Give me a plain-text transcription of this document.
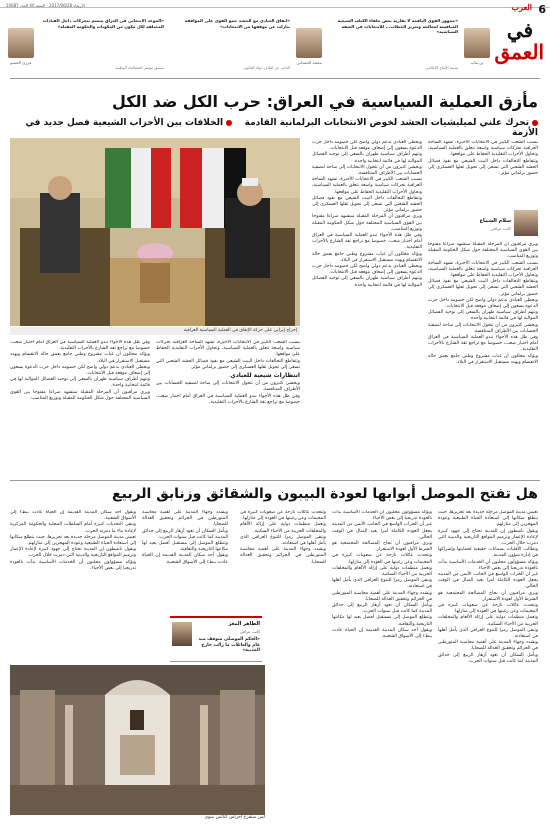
6
العرب
الأربعاء 2017/06/28 - السنة 40 العدد 10687
في
العمق
«جمهور القوى الناقمة لا تقاربه بعض حلفاء الكتلة، الشيعية المنافسة لمعالجة وتعزيز الخطاب... للانتخابات في الضفة السياسية»
بن نتاب
مدينة الإنتاج الإعلامي
«اتفاق العبادي مع الحشد جمع القوى على الموافقة تنازلت عن موقفها من الانتخابات»
محمد الحمداني
النائب عن ائتلاف دولة القانون
«الموعد الانتخابي في العراق متسم بتحركات داخل القيادات المختلفة لكل مكون من المكونات والحكومة المقبلة»
عرزى الحسو
منسق مؤتمر المصالحة الوطنية
مأزق العملية السياسية في العراق: حرب الكل ضد الكل
تحرك علني لميليشيات الحشد لخوض الانتخابات البرلمانية القادمة    الخلافات بين الأحزاب الشيعية فصل جديد في الأزمة
إحراج إيراني على حركة الإتفاق في العملية السياسية العراقية
سلام الشماع
كاتب عراقي
بسبب الشعب الكبير في الانتخابات الأخيرة، تشهد الساحة العراقية تحركات سياسية واسعة تتعلق بالعملية السياسية، وتحاول الأحزاب التقليدية الحفاظ على مواقعها.
وتتقاطع التحالفات داخل البيت الشيعي مع نفوذ فصائل الحشد الشعبي التي تسعى إلى تحويل ثقلها العسكري إلى حضور برلماني مؤثر.
ويرى مراقبون أن المرحلة المقبلة ستشهد صراعا مفتوحا بين القوى السياسية المختلفة حول شكل الحكومة المقبلة وتوزيع المناصب.
بسبب الشعب الكبير في الانتخابات الأخيرة، تشهد الساحة العراقية تحركات سياسية واسعة تتعلق بالعملية السياسية، وتحاول الأحزاب التقليدية الحفاظ على مواقعها.
وتتقاطع التحالفات داخل البيت الشيعي مع نفوذ فصائل الحشد الشعبي التي تسعى إلى تحويل ثقلها العسكري إلى حضور برلماني مؤثر.
ويحظى العبادي بدعم دولي واضح لكن خصومه داخل حزب الدعوة يسعون إلى إضعاف موقعه قبل الانتخابات.
وتتهم أطراف سياسية طهران بالسعي إلى توحيد الفصائل الموالية لها في قائمة انتخابية واحدة.
ويخشى كثيرون من أن تتحول الانتخابات إلى ساحة لتصفية الحسابات بين الأطراف المتنافسة.
وفي ظل هذه الأجواء تبدو العملية السياسية في العراق أمام اختبار صعب، خصوصا مع تراجع ثقة الشارع بالأحزاب التقليدية.
ويؤكد محللون أن غياب مشروع وطني جامع يعمق حالة الانقسام ويهدد مستقبل الاستقرار في البلاد.
ويحظى العبادي بدعم دولي واضح لكن خصومه داخل حزب الدعوة يسعون إلى إضعاف موقعه قبل الانتخابات.
وتتهم أطراف سياسية طهران بالسعي إلى توحيد الفصائل الموالية لها في قائمة انتخابية واحدة.
ويخشى كثيرون من أن تتحول الانتخابات إلى ساحة لتصفية الحسابات بين الأطراف المتنافسة.
بسبب الشعب الكبير في الانتخابات الأخيرة، تشهد الساحة العراقية تحركات سياسية واسعة تتعلق بالعملية السياسية، وتحاول الأحزاب التقليدية الحفاظ على مواقعها.
وتتقاطع التحالفات داخل البيت الشيعي مع نفوذ فصائل الحشد الشعبي التي تسعى إلى تحويل ثقلها العسكري إلى حضور برلماني مؤثر.
ويرى مراقبون أن المرحلة المقبلة ستشهد صراعا مفتوحا بين القوى السياسية المختلفة حول شكل الحكومة المقبلة وتوزيع المناصب.
وفي ظل هذه الأجواء تبدو العملية السياسية في العراق أمام اختبار صعب، خصوصا مع تراجع ثقة الشارع بالأحزاب التقليدية.
ويؤكد محللون أن غياب مشروع وطني جامع يعمق حالة الانقسام ويهدد مستقبل الاستقرار في البلاد.
ويحظى العبادي بدعم دولي واضح لكن خصومه داخل حزب الدعوة يسعون إلى إضعاف موقعه قبل الانتخابات.
وتتهم أطراف سياسية طهران بالسعي إلى توحيد الفصائل الموالية لها في قائمة انتخابية واحدة.
وفي ظل هذه الأجواء تبدو العملية السياسية في العراق أمام اختبار صعب، خصوصا مع تراجع ثقة الشارع بالأحزاب التقليدية.
ويؤكد محللون أن غياب مشروع وطني جامع يعمق حالة الانقسام ويهدد مستقبل الاستقرار في البلاد.
ويحظى العبادي بدعم دولي واضح لكن خصومه داخل حزب الدعوة يسعون إلى إضعاف موقعه قبل الانتخابات.
وتتهم أطراف سياسية طهران بالسعي إلى توحيد الفصائل الموالية لها في قائمة انتخابية واحدة.
ويرى مراقبون أن المرحلة المقبلة ستشهد صراعا مفتوحا بين القوى السياسية المختلفة حول شكل الحكومة المقبلة وتوزيع المناصب.
بسبب الشعب الكبير في الانتخابات الأخيرة، تشهد الساحة العراقية تحركات سياسية واسعة تتعلق بالعملية السياسية، وتحاول الأحزاب التقليدية الحفاظ على مواقعها.
وتتقاطع التحالفات داخل البيت الشيعي مع نفوذ فصائل الحشد الشعبي التي تسعى إلى تحويل ثقلها العسكري إلى حضور برلماني مؤثر.
انتظارات شيعية للعبادي
ويخشى كثيرون من أن تتحول الانتخابات إلى ساحة لتصفية الحسابات بين الأطراف المتنافسة.
وفي ظل هذه الأجواء تبدو العملية السياسية في العراق أمام اختبار صعب، خصوصا مع تراجع ثقة الشارع بالأحزاب التقليدية.
هل تفتح الموصل أبوابها لعودة البيبون والشقائق وزنابق الربيع
تعيش مدينة الموصل مرحلة جديدة بعد تحريرها، حيث يتطلع سكانها إلى استعادة الحياة الطبيعية وعودة المهجرين إلى منازلهم.
ويقول ناشطون إن المدينة تحتاج إلى جهود كبيرة لإعادة الإعمار وترميم المواقع التاريخية والدينية التي دمرت خلال الحرب.
وتطالب الأقليات بضمانات حقيقية لحمايتها وإشراكها في إدارة شؤون المدينة.
ويؤكد مسؤولون محليون أن الخدمات الأساسية بدأت بالعودة تدريجيا إلى بعض الأحياء.
غير أن الخراب الواسع في الجانب الأيمن من المدينة يجعل العودة الكاملة أمرا بعيد المنال في الوقت الحالي.
ويرى مراقبون أن نجاح المصالحة المجتمعية هو الشرط الأول لعودة الاستقرار.
وتتحدث عائلات نازحة عن صعوبات كبيرة في المخيمات وعن رغبتها في العودة إلى منازلها.
وتعمل منظمات دولية على إزالة الألغام والمخلفات الحربية من الأحياء السكنية.
وتبقى الموصل رمزا للتنوع العراقي الذي يأمل أهلها في استعادته.
ويشدد وجهاء المدينة على أهمية محاسبة المتورطين في الجرائم وتحقيق العدالة للضحايا.
ويأمل السكان أن تعود أزهار الربيع إلى حدائق المدينة كما كانت قبل سنوات الحرب.
ويؤكد مسؤولون محليون أن الخدمات الأساسية بدأت بالعودة تدريجيا إلى بعض الأحياء.
غير أن الخراب الواسع في الجانب الأيمن من المدينة يجعل العودة الكاملة أمرا بعيد المنال في الوقت الحالي.
ويرى مراقبون أن نجاح المصالحة المجتمعية هو الشرط الأول لعودة الاستقرار.
وتتحدث عائلات نازحة عن صعوبات كبيرة في المخيمات وعن رغبتها في العودة إلى منازلها.
وتعمل منظمات دولية على إزالة الألغام والمخلفات الحربية من الأحياء السكنية.
وتبقى الموصل رمزا للتنوع العراقي الذي يأمل أهلها في استعادته.
ويشدد وجهاء المدينة على أهمية محاسبة المتورطين في الجرائم وتحقيق العدالة للضحايا.
ويأمل السكان أن تعود أزهار الربيع إلى حدائق المدينة كما كانت قبل سنوات الحرب.
وتتطلع الموصل إلى مستقبل أفضل يعيد لها مكانتها التاريخية والثقافية.
ويقول أحد سكان المدينة القديمة إن الحياة عادت ببطء إلى الأسواق الشعبية.
وتتحدث عائلات نازحة عن صعوبات كبيرة في المخيمات وعن رغبتها في العودة إلى منازلها.
وتعمل منظمات دولية على إزالة الألغام والمخلفات الحربية من الأحياء السكنية.
وتبقى الموصل رمزا للتنوع العراقي الذي يأمل أهلها في استعادته.
ويشدد وجهاء المدينة على أهمية محاسبة المتورطين في الجرائم وتحقيق العدالة للضحايا.
ويشدد وجهاء المدينة على أهمية محاسبة المتورطين في الجرائم وتحقيق العدالة للضحايا.
ويأمل السكان أن تعود أزهار الربيع إلى حدائق المدينة كما كانت قبل سنوات الحرب.
وتتطلع الموصل إلى مستقبل أفضل يعيد لها مكانتها التاريخية والثقافية.
ويقول أحد سكان المدينة القديمة إن الحياة عادت ببطء إلى الأسواق الشعبية.
ويقول أحد سكان المدينة القديمة إن الحياة عادت ببطء إلى الأسواق الشعبية.
وتبقى التحديات كبيرة أمام السلطات المحلية والحكومة المركزية لإعادة بناء ما دمرته الحرب.
تعيش مدينة الموصل مرحلة جديدة بعد تحريرها، حيث يتطلع سكانها إلى استعادة الحياة الطبيعية وعودة المهجرين إلى منازلهم.
ويقول ناشطون إن المدينة تحتاج إلى جهود كبيرة لإعادة الإعمار وترميم المواقع التاريخية والدينية التي دمرت خلال الحرب.
ويؤكد مسؤولون محليون أن الخدمات الأساسية بدأت بالعودة تدريجيا إلى بعض الأحياء.
لمن ستقرع أجراس كنائس نينوى
الطاهر المعز
كاتب عراقي
«الحكم الموصلي متوقف منذ عام والعائلات ما زالت خارج المدينة»
